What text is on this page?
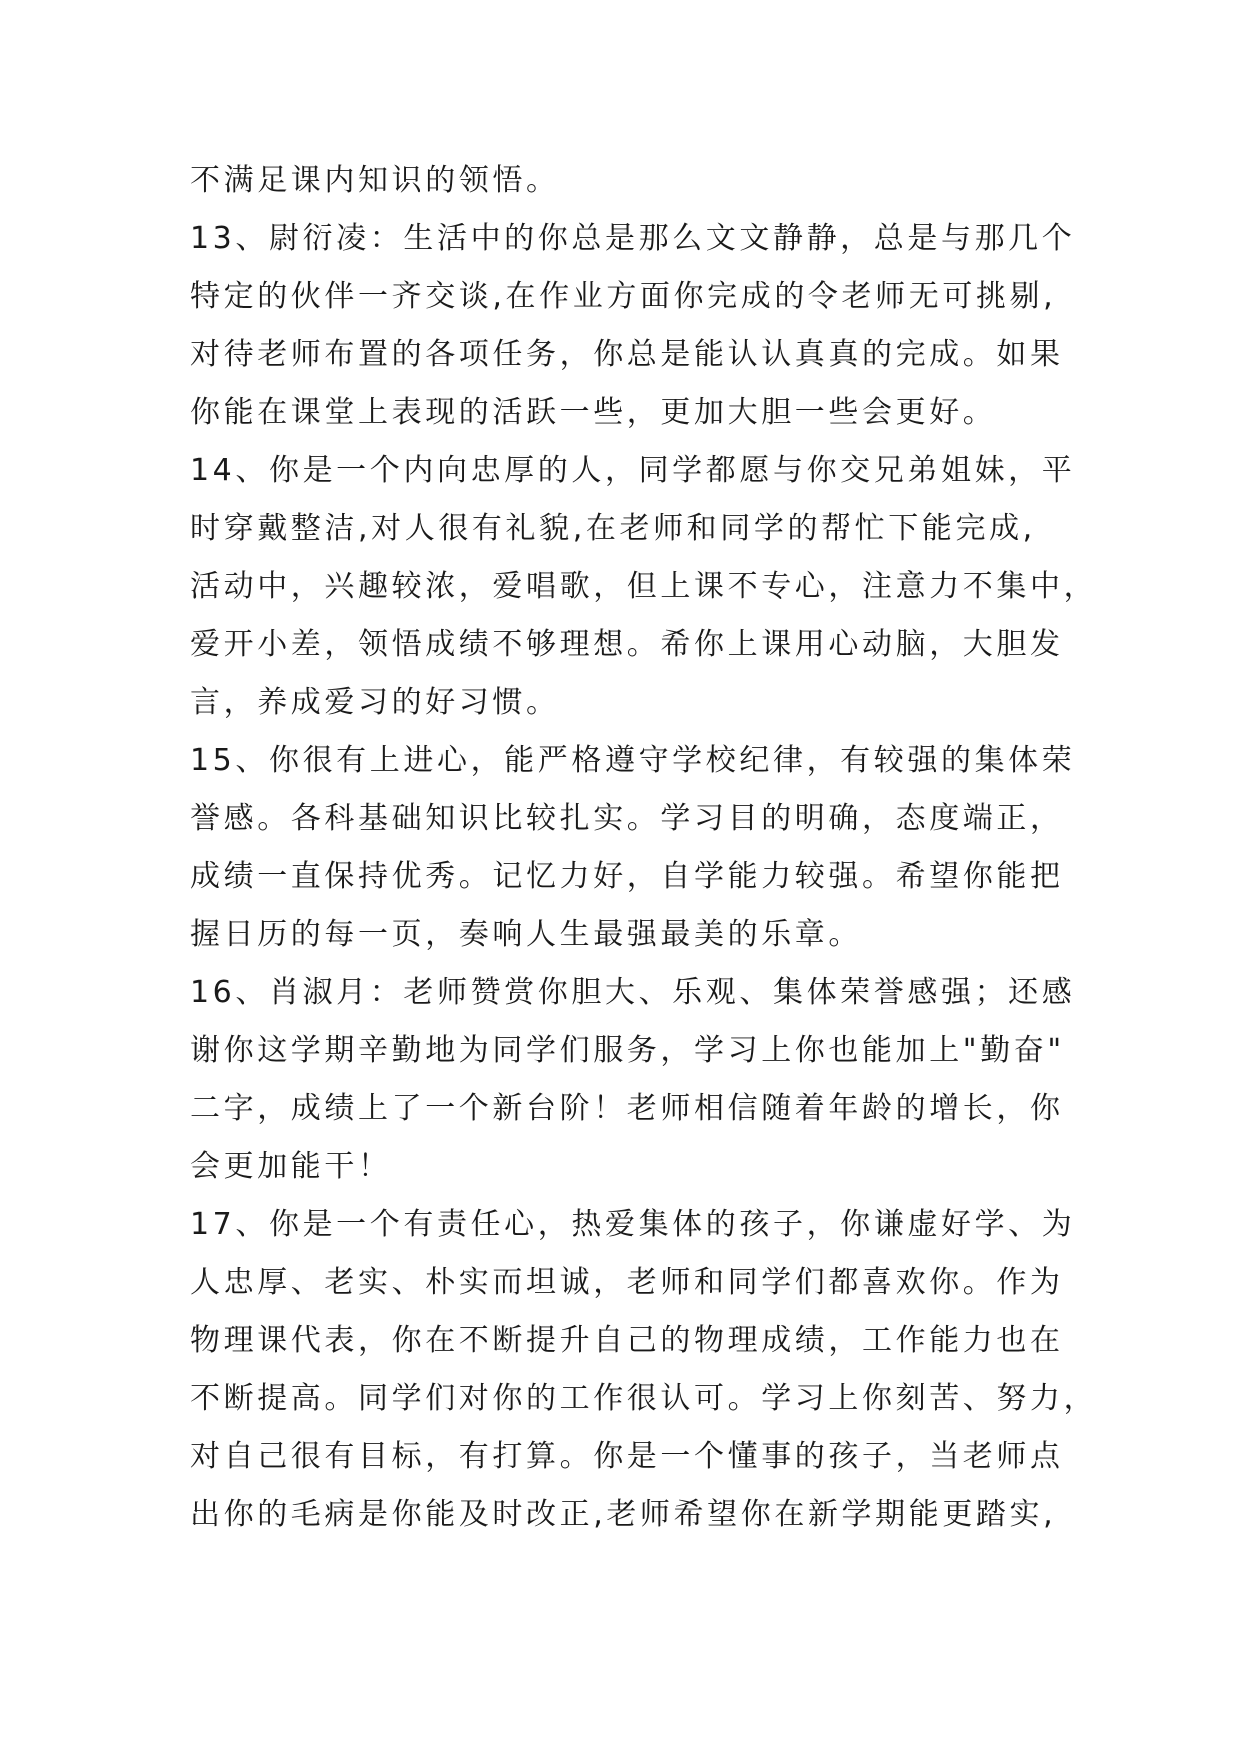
不满足课内知识的领悟。
13、尉衍凌：生活中的你总是那么文文静静，总是与那几个
特定的伙伴一齐交谈,在作业方面你完成的令老师无可挑剔,
对待老师布置的各项任务，你总是能认认真真的完成。如果
你能在课堂上表现的活跃一些，更加大胆一些会更好。
14、你是一个内向忠厚的人，同学都愿与你交兄弟姐妹，平
时穿戴整洁,对人很有礼貌,在老师和同学的帮忙下能完成,
活动中，兴趣较浓，爱唱歌，但上课不专心，注意力不集中，
爱开小差，领悟成绩不够理想。希你上课用心动脑，大胆发
言，养成爱习的好习惯。
15、你很有上进心，能严格遵守学校纪律，有较强的集体荣
誉感。各科基础知识比较扎实。学习目的明确，态度端正，
成绩一直保持优秀。记忆力好，自学能力较强。希望你能把
握日历的每一页，奏响人生最强最美的乐章。
16、肖淑月：老师赞赏你胆大、乐观、集体荣誉感强；还感
谢你这学期辛勤地为同学们服务，学习上你也能加上"勤奋"
二字，成绩上了一个新台阶！老师相信随着年龄的增长，你
会更加能干！
17、你是一个有责任心，热爱集体的孩子，你谦虚好学、为
人忠厚、老实、朴实而坦诚，老师和同学们都喜欢你。作为
物理课代表，你在不断提升自己的物理成绩，工作能力也在
不断提高。同学们对你的工作很认可。学习上你刻苦、努力，
对自己很有目标，有打算。你是一个懂事的孩子，当老师点
出你的毛病是你能及时改正,老师希望你在新学期能更踏实,
